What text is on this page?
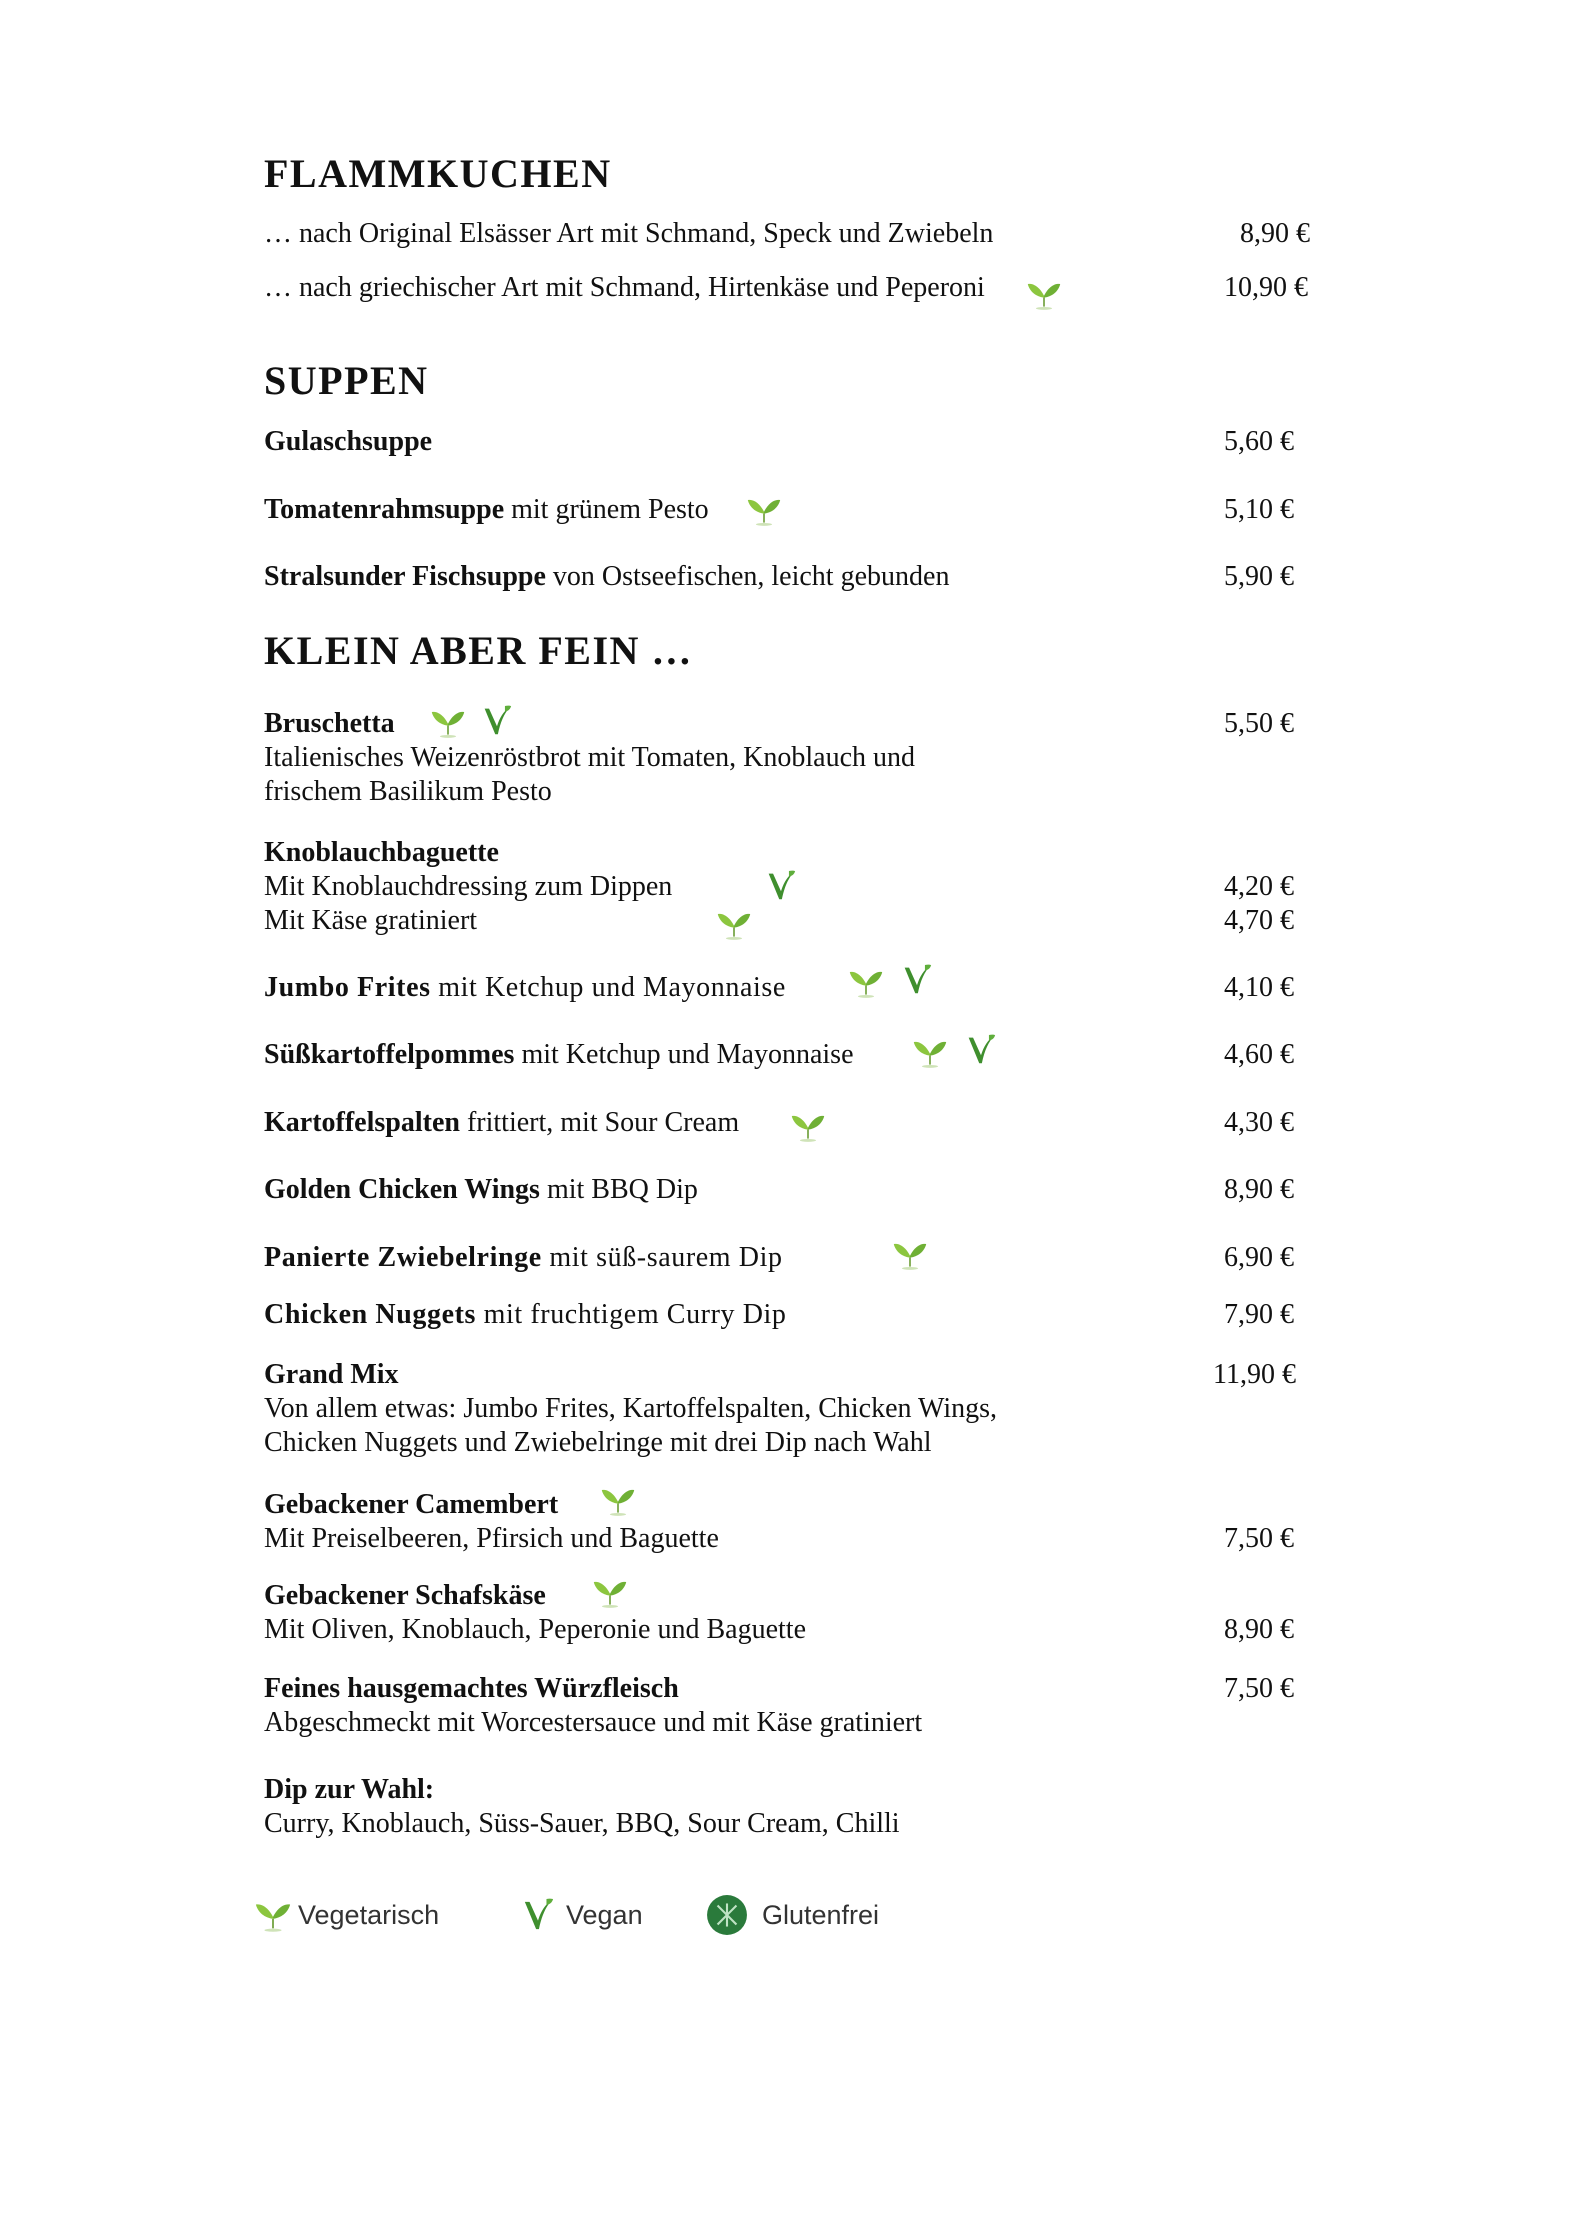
FLAMMKUCHEN
… nach Original Elsässer Art mit Schmand, Speck und Zwiebeln	8,90 €
… nach griechischer Art mit Schmand, Hirtenkäse und Peperoni	10,90 €
SUPPEN
Gulaschsuppe	5,60 €
Tomatenrahmsuppe mit grünem Pesto	5,10 €
Stralsunder Fischsuppe von Ostseefischen, leicht gebunden	5,90 €
KLEIN ABER FEIN …
Bruschetta	5,50 €
Italienisches Weizenröstbrot mit Tomaten, Knoblauch und
frischem Basilikum Pesto
Knoblauchbaguette
Mit Knoblauchdressing zum Dippen	4,20 €
Mit Käse gratiniert	4,70 €
Jumbo Frites mit Ketchup und Mayonnaise	4,10 €
Süßkartoffelpommes mit Ketchup und Mayonnaise	4,60 €
Kartoffelspalten frittiert, mit Sour Cream	4,30 €
Golden Chicken Wings mit BBQ Dip	8,90 €
Panierte Zwiebelringe mit süß-saurem Dip	6,90 €
Chicken Nuggets mit fruchtigem Curry Dip	7,90 €
Grand Mix	11,90 €
Von allem etwas: Jumbo Frites, Kartoffelspalten, Chicken Wings,
Chicken Nuggets und Zwiebelringe mit drei Dip nach Wahl
Gebackener Camembert
Mit Preiselbeeren, Pfirsich und Baguette	7,50 €
Gebackener Schafskäse
Mit Oliven, Knoblauch, Peperonie und Baguette	8,90 €
Feines hausgemachtes Würzfleisch	7,50 €
Abgeschmeckt mit Worcestersauce und mit Käse gratiniert
Dip zur Wahl:
Curry, Knoblauch, Süss-Sauer, BBQ, Sour Cream, Chilli
Vegetarisch	Vegan	Glutenfrei
